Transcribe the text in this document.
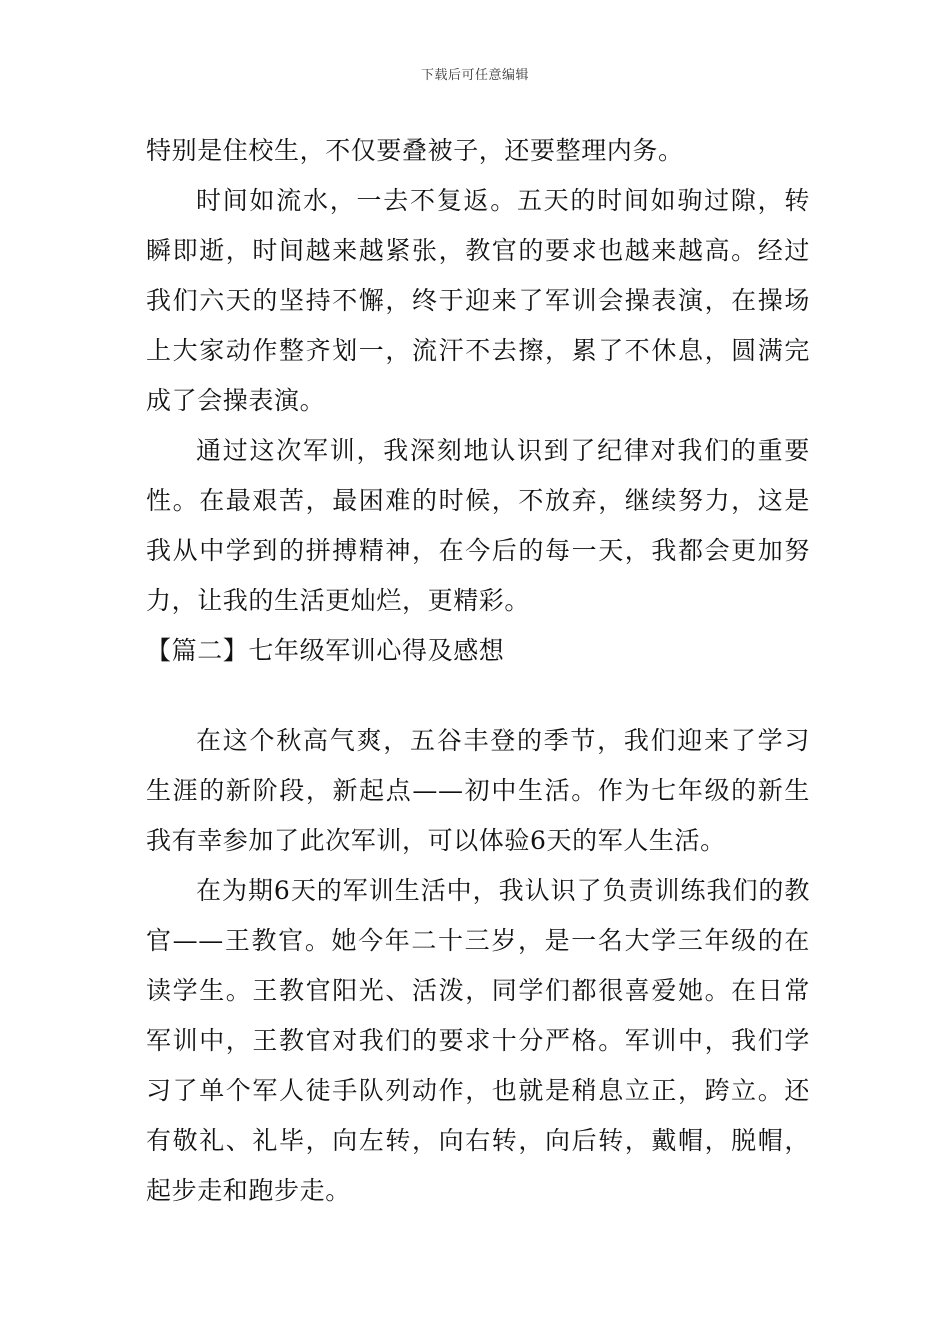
下载后可任意编辑

特别是住校生，不仅要叠被子，还要整理内务。

时间如流水，一去不复返。五天的时间如驹过隙，转瞬即逝，时间越来越紧张，教官的要求也越来越高。经过我们六天的坚持不懈，终于迎来了军训会操表演，在操场上大家动作整齐划一，流汗不去擦，累了不休息，圆满完成了会操表演。

通过这次军训，我深刻地认识到了纪律对我们的重要性。在最艰苦，最困难的时候，不放弃，继续努力，这是我从中学到的拼搏精神，在今后的每一天，我都会更加努力，让我的生活更灿烂，更精彩。

【篇二】七年级军训心得及感想

在这个秋高气爽，五谷丰登的季节，我们迎来了学习生涯的新阶段，新起点——初中生活。作为七年级的新生我有幸参加了此次军训，可以体验6天的军人生活。

在为期6天的军训生活中，我认识了负责训练我们的教官——王教官。她今年二十三岁，是一名大学三年级的在读学生。王教官阳光、活泼，同学们都很喜爱她。在日常军训中，王教官对我们的要求十分严格。军训中，我们学习了单个军人徒手队列动作，也就是稍息立正，跨立。还有敬礼、礼毕，向左转，向右转，向后转，戴帽，脱帽，起步走和跑步走。
